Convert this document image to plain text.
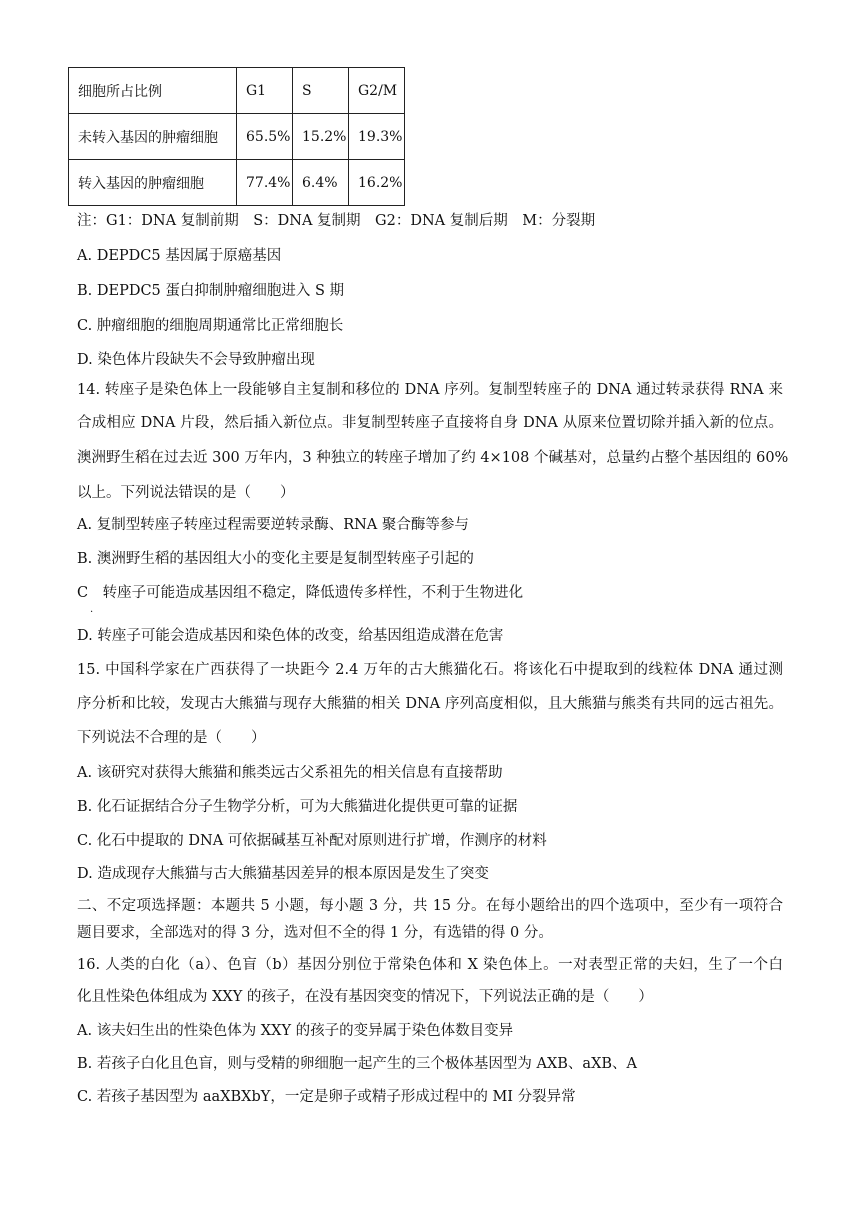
细胞所占比例	G1	S	G2/M
未转入基因的肿瘤细胞	65.5%	15.2%	19.3%
转入基因的肿瘤细胞	77.4%	6.4%	16.2%
注：G1：DNA 复制前期　S：DNA 复制期　G2：DNA 复制后期　M：分裂期
A. DEPDC5 基因属于原癌基因
B. DEPDC5 蛋白抑制肿瘤细胞进入 S 期
C. 肿瘤细胞的细胞周期通常比正常细胞长
D. 染色体片段缺失不会导致肿瘤出现
14. 转座子是染色体上一段能够自主复制和移位的 DNA 序列。复制型转座子的 DNA 通过转录获得 RNA 来
合成相应 DNA 片段，然后插入新位点。非复制型转座子直接将自身 DNA 从原来位置切除并插入新的位点。
澳洲野生稻在过去近 300 万年内，3 种独立的转座子增加了约 4×108 个碱基对，总量约占整个基因组的 60%
以上。下列说法错误的是（　　）
A. 复制型转座子转座过程需要逆转录酶、RNA 聚合酶等参与
B. 澳洲野生稻的基因组大小的变化主要是复制型转座子引起的
C　转座子可能造成基因组不稳定，降低遗传多样性，不利于生物进化
.
D. 转座子可能会造成基因和染色体的改变，给基因组造成潜在危害
15. 中国科学家在广西获得了一块距今 2.4 万年的古大熊猫化石。将该化石中提取到的线粒体 DNA 通过测
序分析和比较，发现古大熊猫与现存大熊猫的相关 DNA 序列高度相似，且大熊猫与熊类有共同的远古祖先。
下列说法不合理的是（　　）
A. 该研究对获得大熊猫和熊类远古父系祖先的相关信息有直接帮助
B. 化石证据结合分子生物学分析，可为大熊猫进化提供更可靠的证据
C. 化石中提取的 DNA 可依据碱基互补配对原则进行扩增，作测序的材料
D. 造成现存大熊猫与古大熊猫基因差异的根本原因是发生了突变
二、不定项选择题：本题共 5 小题，每小题 3 分，共 15 分。在每小题给出的四个选项中，至少有一项符合
题目要求，全部选对的得 3 分，选对但不全的得 1 分，有选错的得 0 分。
16. 人类的白化（a）、色盲（b）基因分别位于常染色体和 X 染色体上。一对表型正常的夫妇，生了一个白
化且性染色体组成为 XXY 的孩子，在没有基因突变的情况下，下列说法正确的是（　　）
A. 该夫妇生出的性染色体为 XXY 的孩子的变异属于染色体数目变异
B. 若孩子白化且色盲，则与受精的卵细胞一起产生的三个极体基因型为 AXB、aXB、A
C. 若孩子基因型为 aaXBXbY，一定是卵子或精子形成过程中的 MI 分裂异常
